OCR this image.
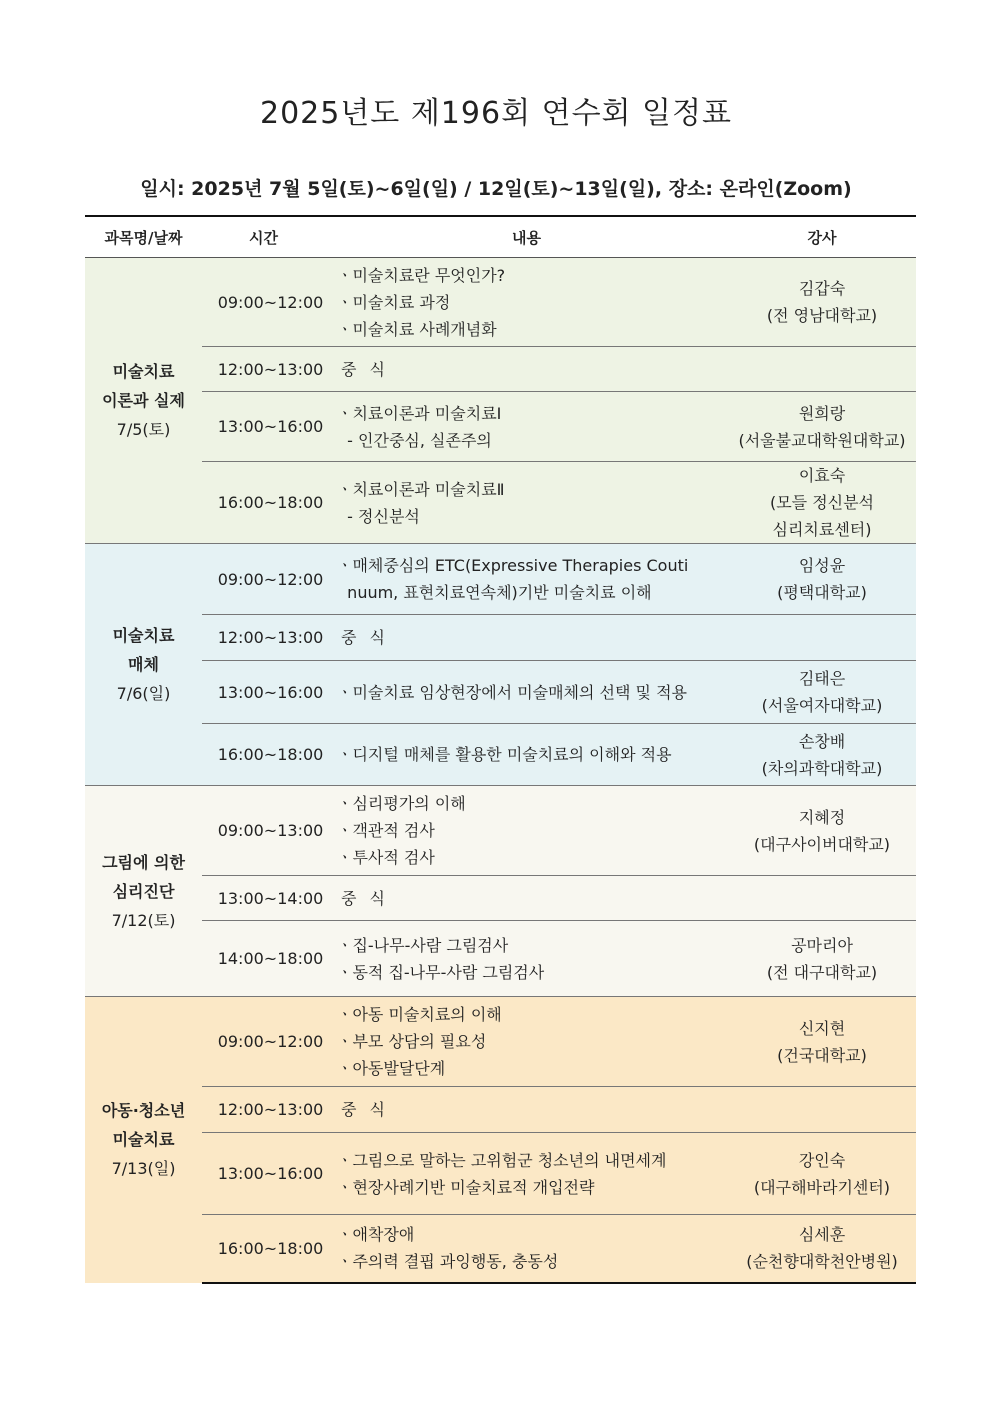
2025년도 제196회 연수회 일정표

일시: 2025년 7월 5일(토)~6일(일) / 12일(토)~13일(일), 장소: 온라인(Zoom)

과목명/날짜	시간	내용	강사

미술치료
이론과 실제
7/5(토)	09:00~12:00	ㆍ미술치료란 무엇인가?
ㆍ미술치료 과정
ㆍ미술치료 사례개념화	김갑숙
(전 영남대학교)

	12:00~13:00	중 식	

	13:00~16:00	ㆍ치료이론과 미술치료Ⅰ
- 인간중심, 실존주의	원희랑
(서울불교대학원대학교)

	16:00~18:00	ㆍ치료이론과 미술치료Ⅱ
- 정신분석	이효숙
(모들 정신분석
심리치료센터)

미술치료
매체
7/6(일)	09:00~12:00	ㆍ매체중심의 ETC(Expressive Therapies Couti
nuum, 표현치료연속체)기반 미술치료 이해	임성윤
(평택대학교)

	12:00~13:00	중 식	

	13:00~16:00	ㆍ미술치료 임상현장에서 미술매체의 선택 및 적용	김태은
(서울여자대학교)

	16:00~18:00	ㆍ디지털 매체를 활용한 미술치료의 이해와 적용	손창배
(차의과학대학교)

그림에 의한
심리진단
7/12(토)	09:00~13:00	ㆍ심리평가의 이해
ㆍ객관적 검사
ㆍ투사적 검사	지혜정
(대구사이버대학교)

	13:00~14:00	중 식	

	14:00~18:00	ㆍ집-나무-사람 그림검사
ㆍ동적 집-나무-사람 그림검사	공마리아
(전 대구대학교)

아동·청소년
미술치료
7/13(일)	09:00~12:00	ㆍ아동 미술치료의 이해
ㆍ부모 상담의 필요성
ㆍ아동발달단계	신지현
(건국대학교)

	12:00~13:00	중 식	

	13:00~16:00	ㆍ그림으로 말하는 고위험군 청소년의 내면세계
ㆍ현장사례기반 미술치료적 개입전략	강인숙
(대구해바라기센터)

	16:00~18:00	ㆍ애착장애
ㆍ주의력 결핍 과잉행동, 충동성	심세훈
(순천향대학천안병원)
